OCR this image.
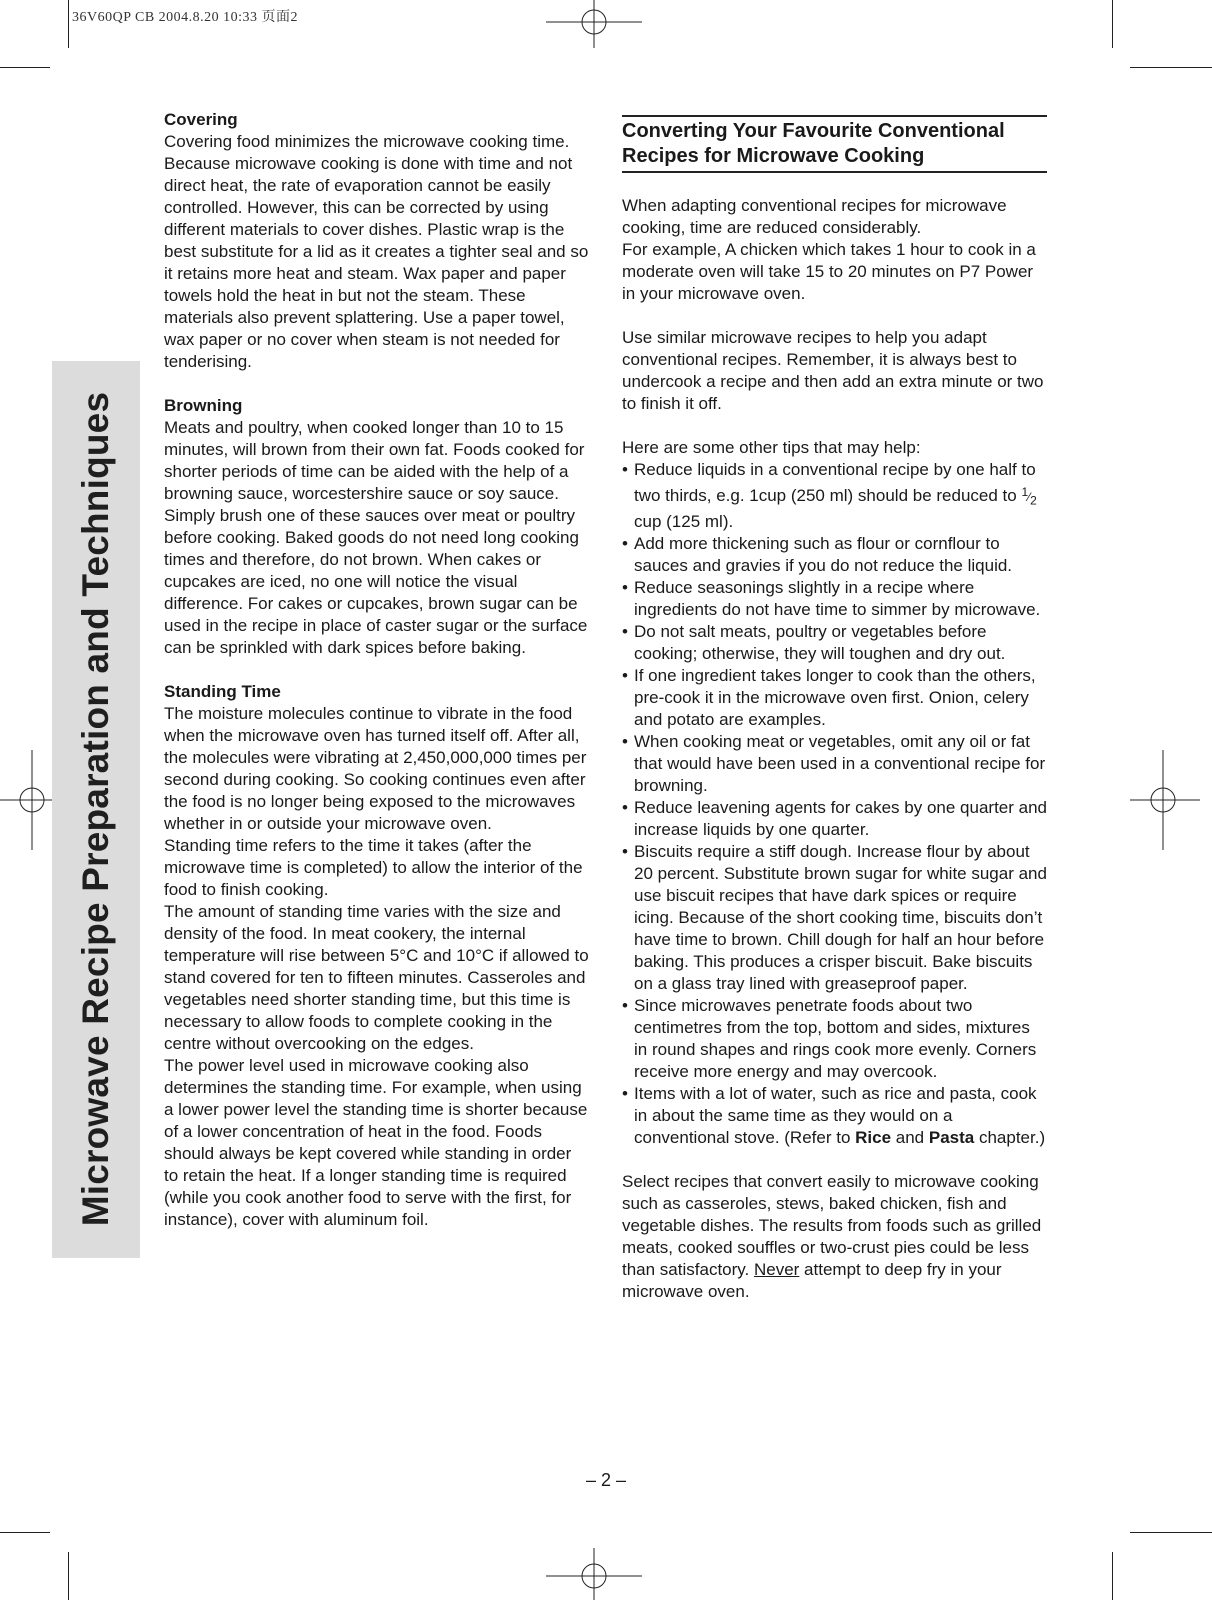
36V60QP CB 2004.8.20 10:33 页面2
Microwave Recipe Preparation and Techniques

Covering

Covering food minimizes the microwave cooking time.

Because microwave cooking is done with time and not direct heat, the rate of evaporation cannot be easily controlled. However, this can be corrected by using different materials to cover dishes. Plastic wrap is the best substitute for a lid as it creates a tighter seal and so it retains more heat and steam. Wax paper and paper towels hold the heat in but not the steam. These materials also prevent splattering. Use a paper towel, wax paper or no cover when steam is not needed for tenderising.

Browning

Meats and poultry, when cooked longer than 10 to 15 minutes, will brown from their own fat. Foods cooked for shorter periods of time can be aided with the help of a browning sauce, worcestershire sauce or soy sauce. Simply brush one of these sauces over meat or poultry before cooking. Baked goods do not need long cooking times and therefore, do not brown. When cakes or cupcakes are iced, no one will notice the visual difference. For cakes or cupcakes, brown sugar can be used in the recipe in place of caster sugar or the surface can be sprinkled with dark spices before baking.

Standing Time

The moisture molecules continue to vibrate in the food when the microwave oven has turned itself off. After all, the molecules were vibrating at 2,450,000,000 times per second during cooking. So cooking continues even after the food is no longer being exposed to the microwaves whether in or outside your microwave oven.

Standing time refers to the time it takes (after the microwave time is completed) to allow the interior of the food to finish cooking.

The amount of standing time varies with the size and density of the food. In meat cookery, the internal temperature will rise between 5°C and 10°C if allowed to stand covered for ten to fifteen minutes. Casseroles and vegetables need shorter standing time, but this time is necessary to allow foods to complete cooking in the centre without overcooking on the edges.

The power level used in microwave cooking also determines the standing time. For example, when using a lower power level the standing time is shorter because of a lower concentration of heat in the food. Foods should always be kept covered while standing in order to retain the heat. If a longer standing time is required (while you cook another food to serve with the first, for instance), cover with aluminum foil.

Converting Your Favourite Conventional Recipes for Microwave Cooking

When adapting conventional recipes for microwave cooking, time are reduced considerably.

For example, A chicken which takes 1 hour to cook in a moderate oven will take 15 to 20 minutes on P7 Power in your microwave oven.

Use similar microwave recipes to help you adapt conventional recipes. Remember, it is always best to undercook a recipe and then add an extra minute or two to finish it off.

Here are some other tips that may help:

• Reduce liquids in a conventional recipe by one half to two thirds, e.g. 1cup (250 ml) should be reduced to $^1⁄_2$ cup (125 ml).
• Add more thickening such as flour or cornflour to sauces and gravies if you do not reduce the liquid.
• Reduce seasonings slightly in a recipe where ingredients do not have time to simmer by microwave.
• Do not salt meats, poultry or vegetables before cooking; otherwise, they will toughen and dry out.
• If one ingredient takes longer to cook than the others, pre-cook it in the microwave oven first. Onion, celery and potato are examples.
• When cooking meat or vegetables, omit any oil or fat that would have been used in a conventional recipe for browning.
• Reduce leavening agents for cakes by one quarter and increase liquids by one quarter.
• Biscuits require a stiff dough. Increase flour by about 20 percent. Substitute brown sugar for white sugar and use biscuit recipes that have dark spices or require icing. Because of the short cooking time, biscuits don’t have time to brown. Chill dough for half an hour before baking. This produces a crisper biscuit. Bake biscuits on a glass tray lined with greaseproof paper.
• Since microwaves penetrate foods about two centimetres from the top, bottom and sides, mixtures in round shapes and rings cook more evenly. Corners receive more energy and may overcook.
• Items with a lot of water, such as rice and pasta, cook in about the same time as they would on a conventional stove. (Refer to Rice and Pasta chapter.)

Select recipes that convert easily to microwave cooking such as casseroles, stews, baked chicken, fish and vegetable dishes. The results from foods such as grilled meats, cooked souffles or two-crust pies could be less than satisfactory. Never attempt to deep fry in your microwave oven.

– 2 –
